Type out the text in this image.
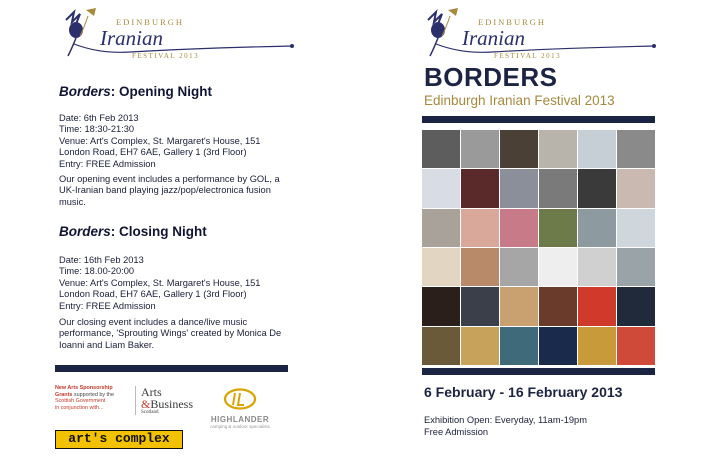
EDINBURGH
Iranian
FESTIVAL 2013
Borders: Opening Night
Date: 6th Feb 2013
Time: 18:30-21:30
Venue: Art's Complex, St. Margaret's House, 151
London Road, EH7 6AE, Gallery 1 (3rd Floor)
Entry: FREE Admission
Our opening event includes a performance by GOL, a UK-Iranian band playing jazz/pop/electronica fusion music.
Borders: Closing Night
Date: 16th Feb 2013
Time: 18.00-20:00
Venue: Art's Complex, St. Margaret's House, 151
London Road, EH7 6AE, Gallery 1 (3rd Floor)
Entry: FREE Admission
Our closing event includes a dance/live music performance, 'Sprouting Wings' created by Monica De Ioanni and Liam Baker.
New Arts Sponsorship
Grants supported by the
Scottish Government
in conjunction with...
Arts
&Business
Scotland
HIGHLANDER
camping & outdoor specialists
art's complex
EDINBURGH
Iranian
FESTIVAL 2013
BORDERS

Edinburgh Iranian Festival 2013

6 February - 16 February 2013

Exhibition Open: Everyday, 11am-19pm
Free Admission
